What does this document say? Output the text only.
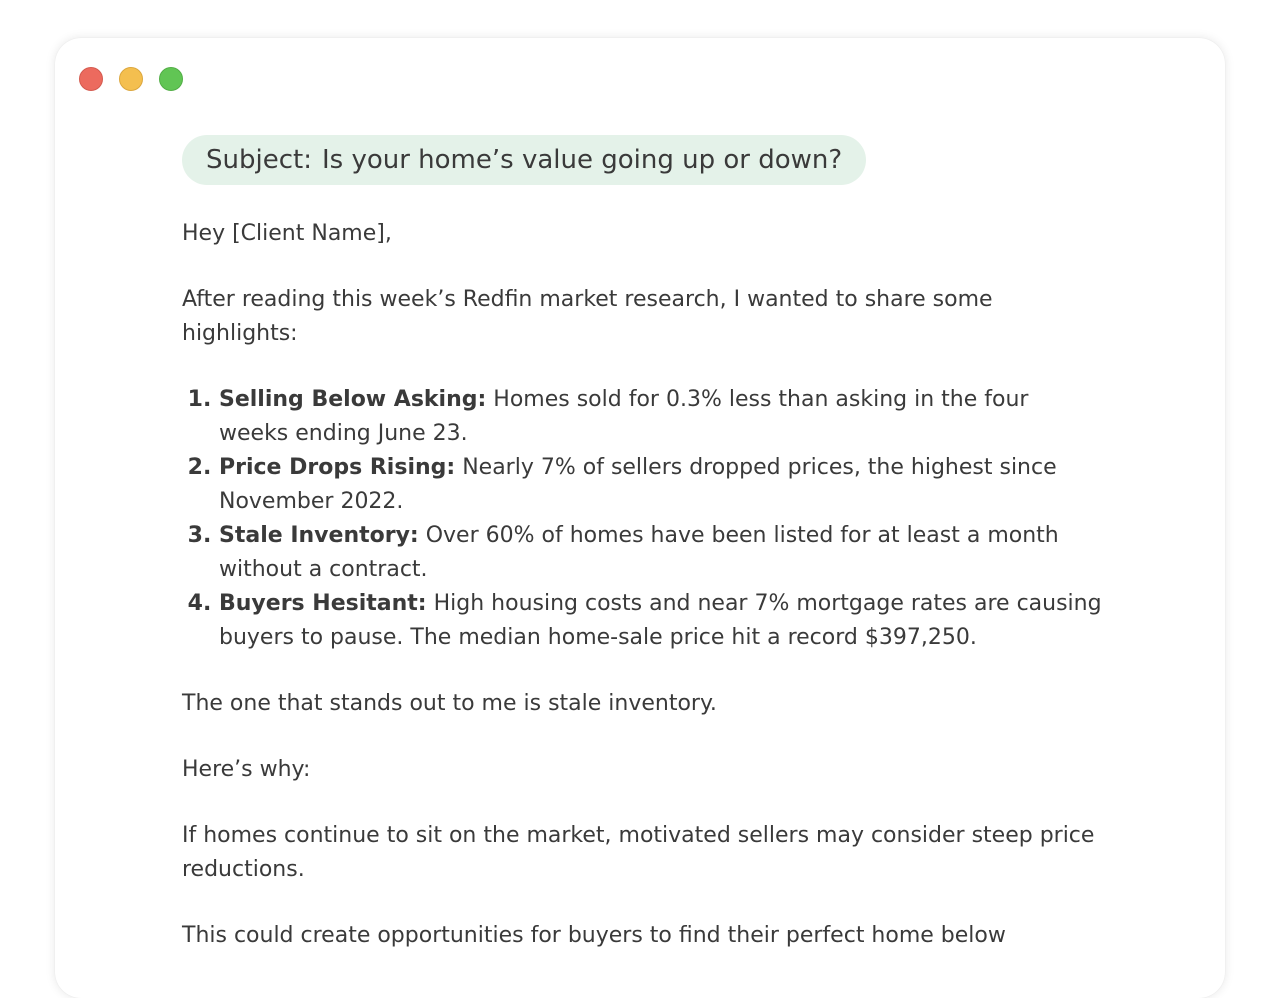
Subject: Is your home’s value going up or down?

Hey [Client Name],

After reading this week’s Redfin market research, I wanted to share some highlights:

1. Selling Below Asking: Homes sold for 0.3% less than asking in the four weeks ending June 23.
2. Price Drops Rising: Nearly 7% of sellers dropped prices, the highest since November 2022.
3. Stale Inventory: Over 60% of homes have been listed for at least a month without a contract.
4. Buyers Hesitant: High housing costs and near 7% mortgage rates are causing buyers to pause. The median home-sale price hit a record $397,250.

The one that stands out to me is stale inventory.

Here’s why:

If homes continue to sit on the market, motivated sellers may consider steep price reductions.

This could create opportunities for buyers to find their perfect home below
